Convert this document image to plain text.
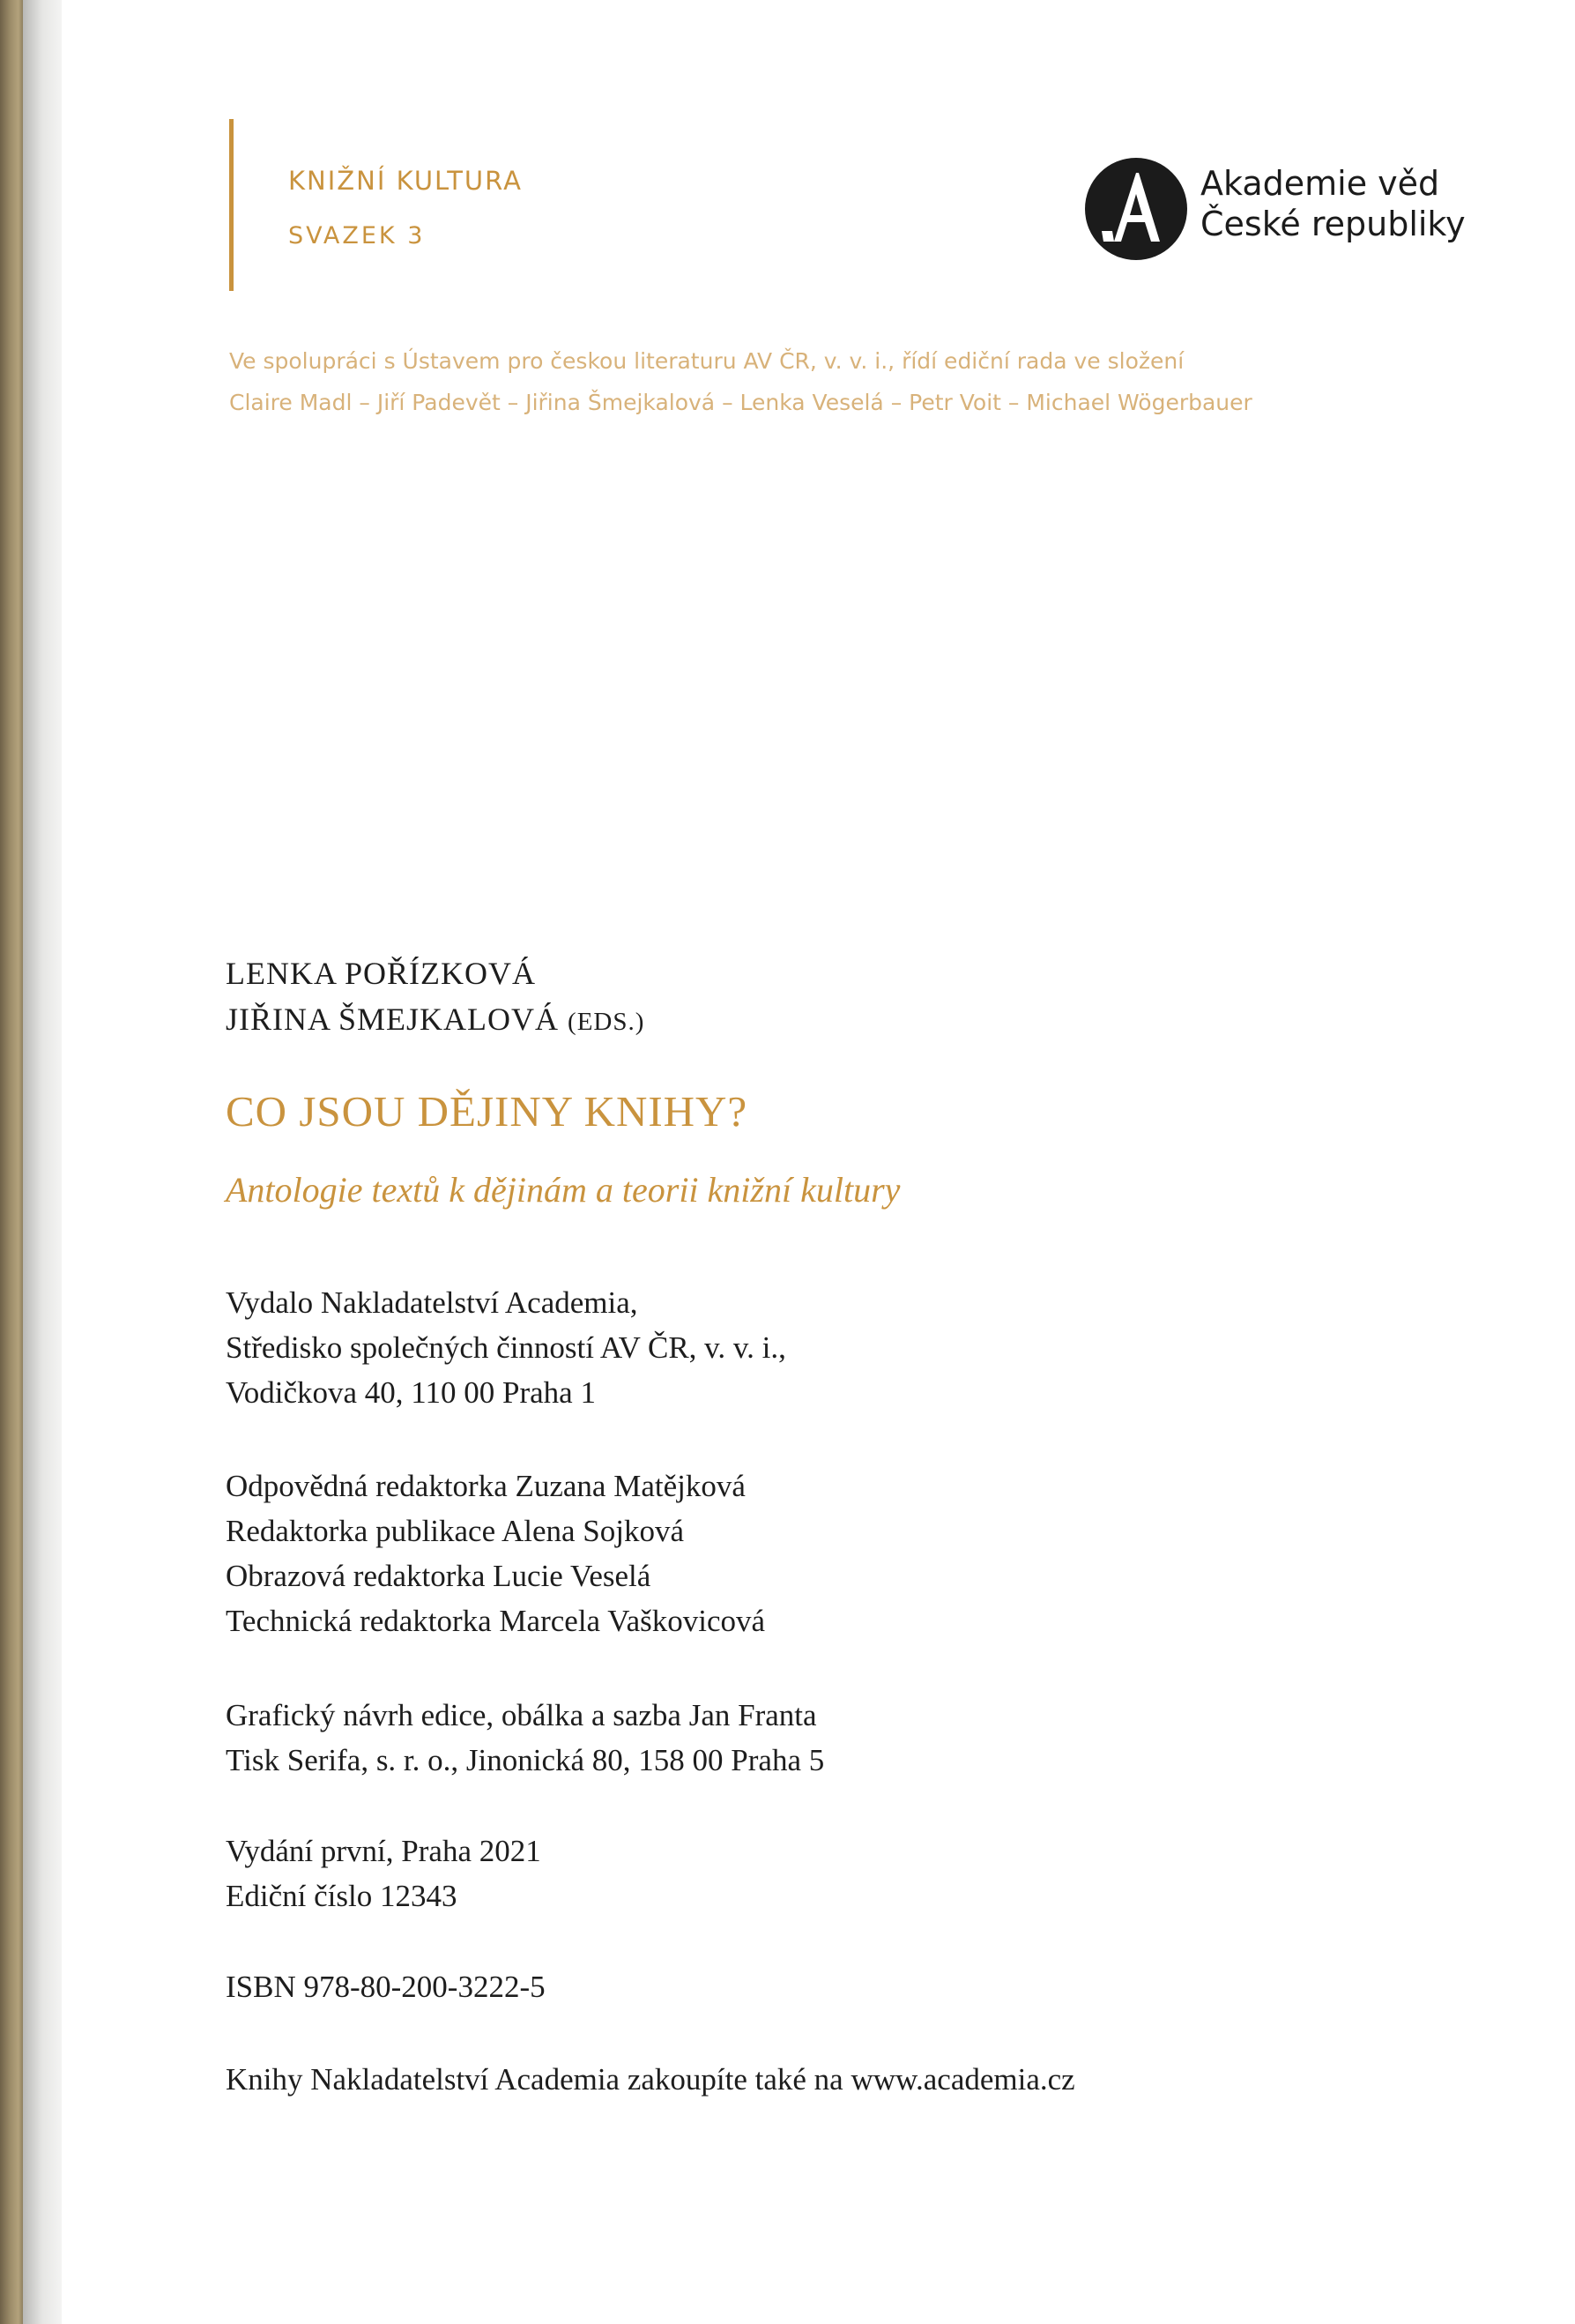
KNIŽNÍ KULTURA
SVAZEK 3
Akademie věd
České republiky
Ve spolupráci s Ústavem pro českou literaturu AV ČR, v. v. i., řídí ediční rada ve složení
Claire Madl – Jiří Padevět – Jiřina Šmejkalová – Lenka Veselá – Petr Voit – Michael Wögerbauer
LENKA POŘÍZKOVÁ
JIŘINA ŠMEJKALOVÁ (EDS.)
CO JSOU DĚJINY KNIHY?
Antologie textů k dějinám a teorii knižní kultury
Vydalo Nakladatelství Academia,
Středisko společných činností AV ČR, v. v. i.,
Vodičkova 40, 110 00 Praha 1
Odpovědná redaktorka Zuzana Matějková
Redaktorka publikace Alena Sojková
Obrazová redaktorka Lucie Veselá
Technická redaktorka Marcela Vaškovicová
Grafický návrh edice, obálka a sazba Jan Franta
Tisk Serifa, s. r. o., Jinonická 80, 158 00 Praha 5
Vydání první, Praha 2021
Ediční číslo 12343
ISBN 978-80-200-3222-5
Knihy Nakladatelství Academia zakoupíte také na www.academia.cz
